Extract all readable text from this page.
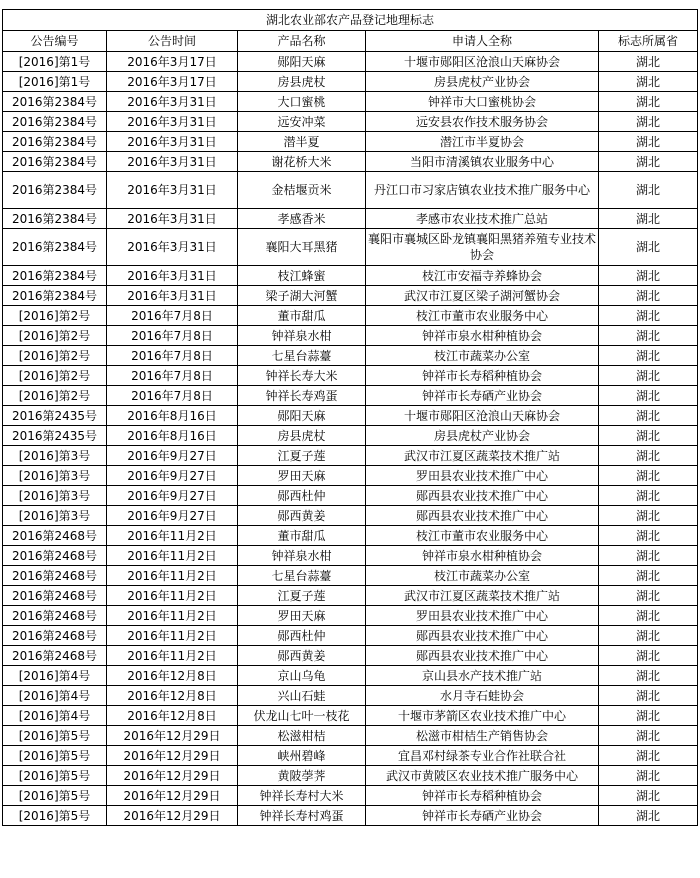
湖北农业部农产品登记地理标志				
公告编号	公告时间	产品名称	申请人全称	标志所属省
[2016]第1号	2016年3月17日	郧阳天麻	十堰市郧阳区沧浪山天麻协会	湖北
[2016]第1号	2016年3月17日	房县虎杖	房县虎杖产业协会	湖北
2016第2384号	2016年3月31日	大口蜜桃	钟祥市大口蜜桃协会	湖北
2016第2384号	2016年3月31日	远安冲菜	远安县农作技术服务协会	湖北
2016第2384号	2016年3月31日	潜半夏	潜江市半夏协会	湖北
2016第2384号	2016年3月31日	谢花桥大米	当阳市清溪镇农业服务中心	湖北
2016第2384号	2016年3月31日	金桔堰贡米	丹江口市习家店镇农业技术推广服务中心	湖北
2016第2384号	2016年3月31日	孝感香米	孝感市农业技术推广总站	湖北
2016第2384号	2016年3月31日	襄阳大耳黑猪	襄阳市襄城区卧龙镇襄阳黑猪养殖专业技术协会	湖北
2016第2384号	2016年3月31日	枝江蜂蜜	枝江市安福寺养蜂协会	湖北
2016第2384号	2016年3月31日	梁子湖大河蟹	武汉市江夏区梁子湖河蟹协会	湖北
[2016]第2号	2016年7月8日	董市甜瓜	枝江市董市农业服务中心	湖北
[2016]第2号	2016年7月8日	钟祥泉水柑	钟祥市泉水柑种植协会	湖北
[2016]第2号	2016年7月8日	七星台蒜薹	枝江市蔬菜办公室	湖北
[2016]第2号	2016年7月8日	钟祥长寿大米	钟祥市长寿稻种植协会	湖北
[2016]第2号	2016年7月8日	钟祥长寿鸡蛋	钟祥市长寿硒产业协会	湖北
2016第2435号	2016年8月16日	郧阳天麻	十堰市郧阳区沧浪山天麻协会	湖北
2016第2435号	2016年8月16日	房县虎杖	房县虎杖产业协会	湖北
[2016]第3号	2016年9月27日	江夏子莲	武汉市江夏区蔬菜技术推广站	湖北
[2016]第3号	2016年9月27日	罗田天麻	罗田县农业技术推广中心	湖北
[2016]第3号	2016年9月27日	郧西杜仲	郧西县农业技术推广中心	湖北
[2016]第3号	2016年9月27日	郧西黄姜	郧西县农业技术推广中心	湖北
2016第2468号	2016年11月2日	董市甜瓜	枝江市董市农业服务中心	湖北
2016第2468号	2016年11月2日	钟祥泉水柑	钟祥市泉水柑种植协会	湖北
2016第2468号	2016年11月2日	七星台蒜薹	枝江市蔬菜办公室	湖北
2016第2468号	2016年11月2日	江夏子莲	武汉市江夏区蔬菜技术推广站	湖北
2016第2468号	2016年11月2日	罗田天麻	罗田县农业技术推广中心	湖北
2016第2468号	2016年11月2日	郧西杜仲	郧西县农业技术推广中心	湖北
2016第2468号	2016年11月2日	郧西黄姜	郧西县农业技术推广中心	湖北
[2016]第4号	2016年12月8日	京山乌龟	京山县水产技术推广站	湖北
[2016]第4号	2016年12月8日	兴山石蛙	水月寺石蛙协会	湖北
[2016]第4号	2016年12月8日	伏龙山七叶一枝花	十堰市茅箭区农业技术推广中心	湖北
[2016]第5号	2016年12月29日	松滋柑桔	松滋市柑桔生产销售协会	湖北
[2016]第5号	2016年12月29日	峡州碧峰	宜昌邓村绿茶专业合作社联合社	湖北
[2016]第5号	2016年12月29日	黄陂荸荠	武汉市黄陂区农业技术推广服务中心	湖北
[2016]第5号	2016年12月29日	钟祥长寿村大米	钟祥市长寿稻种植协会	湖北
[2016]第5号	2016年12月29日	钟祥长寿村鸡蛋	钟祥市长寿硒产业协会	湖北
